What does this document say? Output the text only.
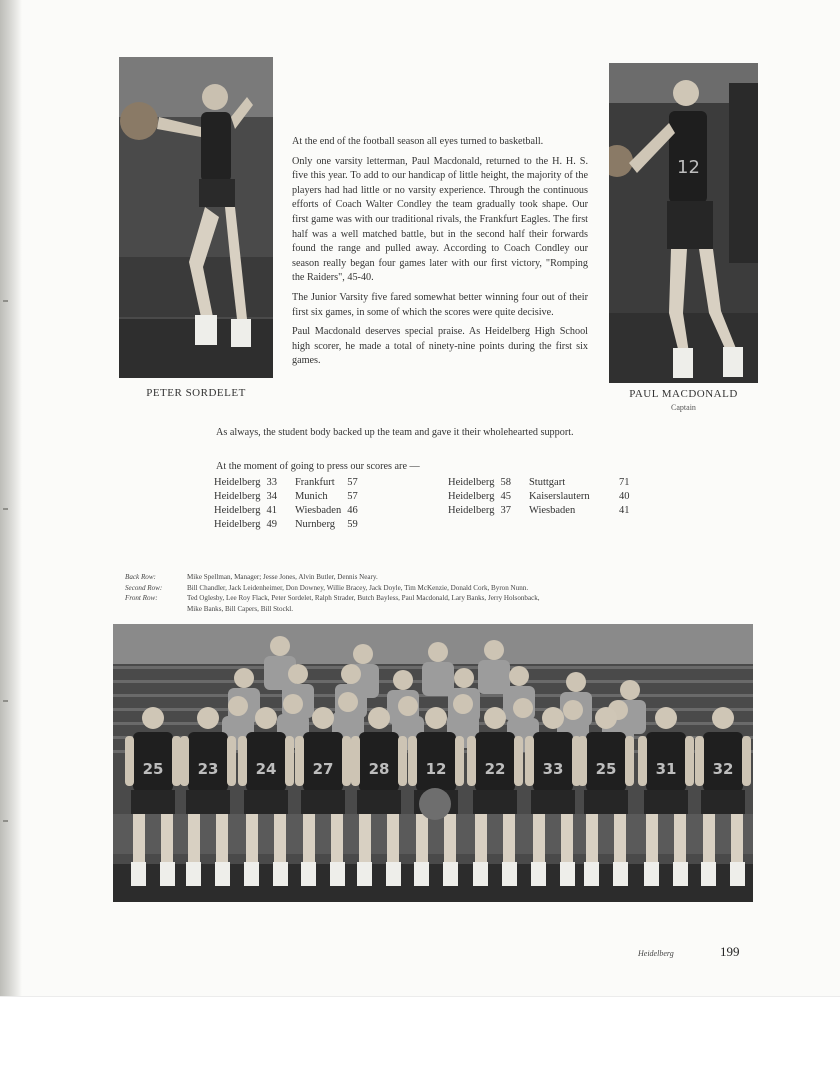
PETER SORDELET
12
PAUL MACDONALD
Captain

At the end of the football season all eyes turned to basketball.

Only one varsity letterman, Paul Macdonald, returned to the H. H. S. five this year. To add to our handicap of little height, the majority of the players had had little or no varsity experience. Through the continuous efforts of Coach Walter Condley the team gradually took shape. Our first game was with our traditional rivals, the Frankfurt Eagles. The first half was a well matched battle, but in the second half their forwards found the range and pulled away. According to Coach Condley our season really began four games later with our first victory, "Romping the Raiders", 45-40.

The Junior Varsity five fared somewhat better winning four out of their first six games, in some of which the scores were quite decisive.

Paul Macdonald deserves special praise. As Heidelberg High School high scorer, he made a total of ninety-nine points during the first six games.

As always, the student body backed up the team and gave it their wholehearted support.
At the moment of going to press our scores are —
Heidelberg	33	Frankfurt	57
Heidelberg	34	Munich	57
Heidelberg	41	Wiesbaden	46
Heidelberg	49	Nurnberg	59
Heidelberg	58	Stuttgart	71
Heidelberg	45	Kaiserslautern	40
Heidelberg	37	Wiesbaden	41
Back Row:	Mike Spellman, Manager; Jesse Jones, Alvin Butler, Dennis Neary.
Second Row:	Bill Chandler, Jack Leidenheimer, Don Downey, Willie Bracey, Jack Doyle, Tim McKenzie, Donald Cork, Byron Nunn.
Front Row:	Ted Oglesby, Lee Roy Flack, Peter Sordelet, Ralph Strader, Butch Bayless, Paul Macdonald, Lary Banks, Jerry Holsonback,
Mike Banks, Bill Capers, Bill Stockl.
25 23 24 27 28 12	22 33 25	31 32
Heidelberg	199
